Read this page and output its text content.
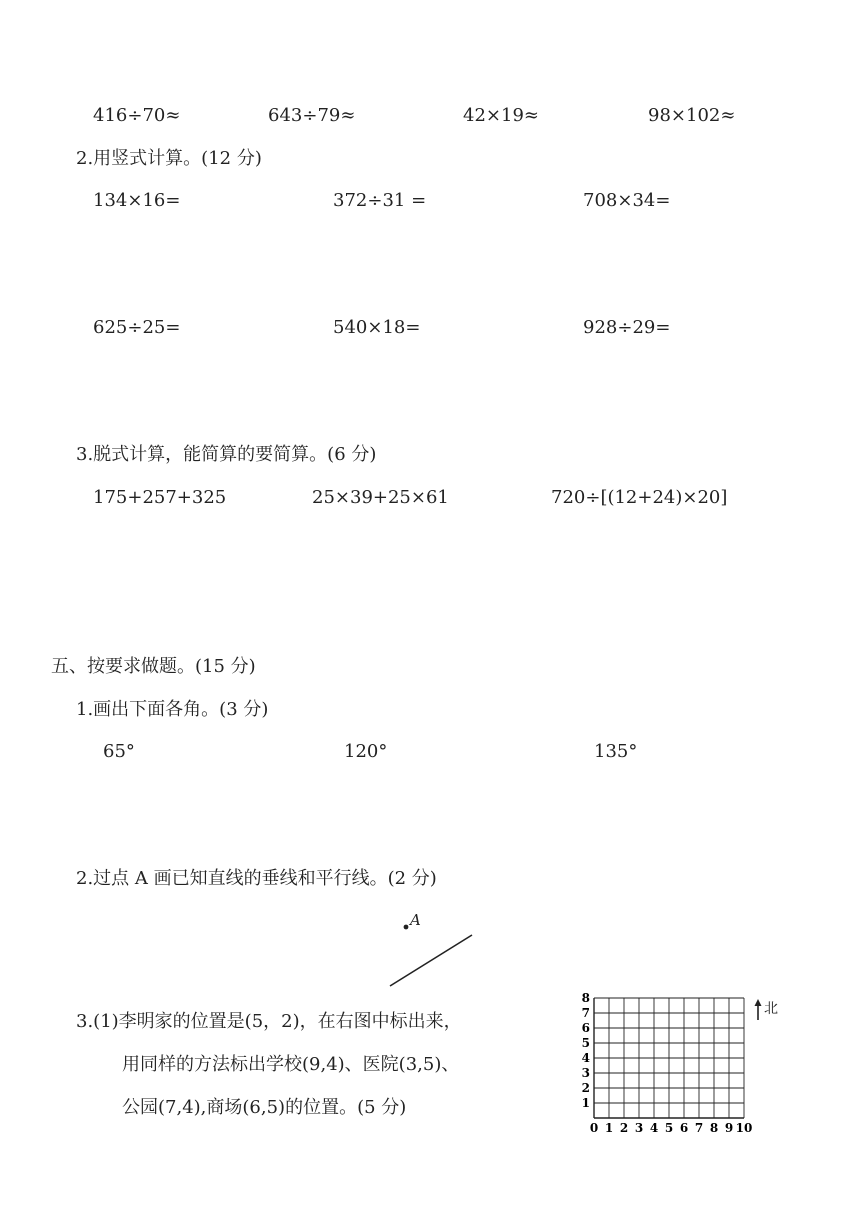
416÷70≈	643÷79≈	42×19≈	98×102≈
2.用竖式计算。(12 分)
134×16=	372÷31 =	708×34=
625÷25=	540×18=	928÷29=
3.脱式计算，能简算的要简算。(6 分)
175+257+325	25×39+25×61	720÷[(12+24)×20]
五、按要求做题。(15 分)
1.画出下面各角。(3 分)
65°	120°	135°
2.过点 A 画已知直线的垂线和平行线。(2 分)
A
3.(1)李明家的位置是(5，2)，在右图中标出来，
用同样的方法标出学校(9,4)、医院(3,5)、
公园(7,4),商场(6,5)的位置。(5 分)
0 1 2 3 4 5 6 7 8 9 10
1
2
3
4
5
6
7
8
北
